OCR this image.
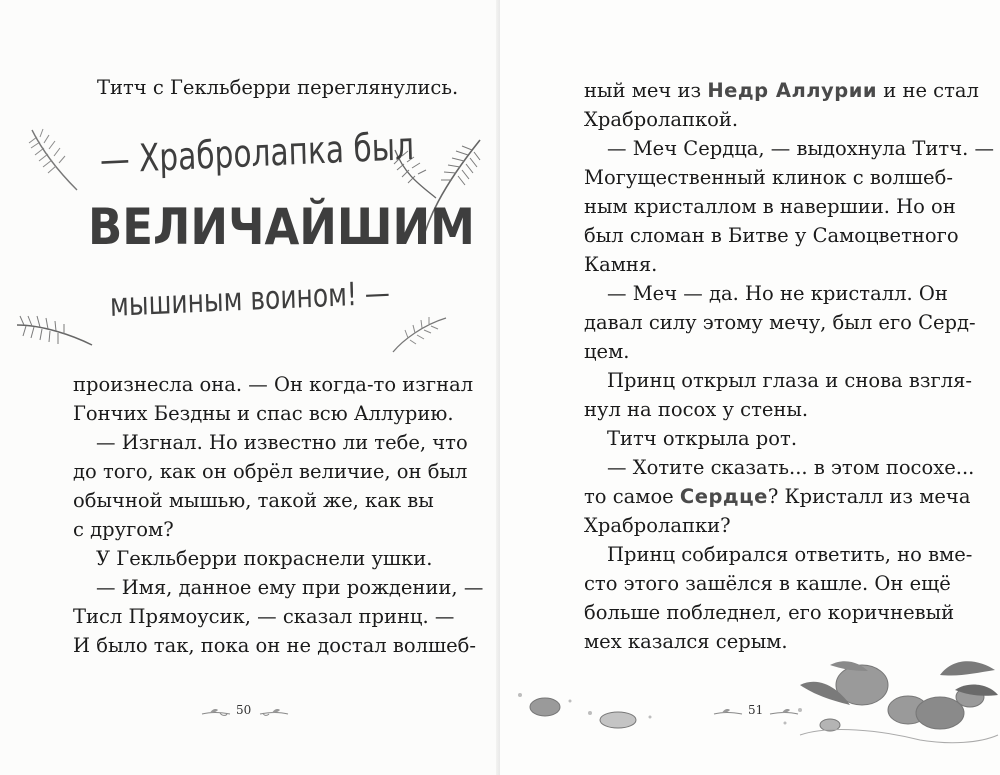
Титч с Гекльберри переглянулись.
— Храбролапка был
ВЕЛИЧАЙШИМ
мышиным воином! —
произнесла она. — Он когда-то изгнал
Гончих Бездны и спас всю Аллурию.
— Изгнал. Но известно ли тебе, что
до того, как он обрёл величие, он был
обычной мышью, такой же, как вы
с другом?
У Гекльберри покраснели ушки.
— Имя, данное ему при рождении, —
Тисл Прямоусик, — сказал принц. —
И было так, пока он не достал волшеб-
50
ный меч из Недр Аллурии и не стал
Храбролапкой.
— Меч Сердца, — выдохнула Титч. —
Могущественный клинок с волшеб-
ным кристаллом в навершии. Но он
был сломан в Битве у Самоцветного
Камня.
— Меч — да. Но не кристалл. Он
давал силу этому мечу, был его Серд-
цем.
Принц открыл глаза и снова взгля-
нул на посох у стены.
Титч открыла рот.
— Хотите сказать... в этом посохе...
то самое Сердце? Кристалл из меча
Храбролапки?
Принц собирался ответить, но вме-
сто этого зашёлся в кашле. Он ещё
больше побледнел, его коричневый
мех казался серым.
51
